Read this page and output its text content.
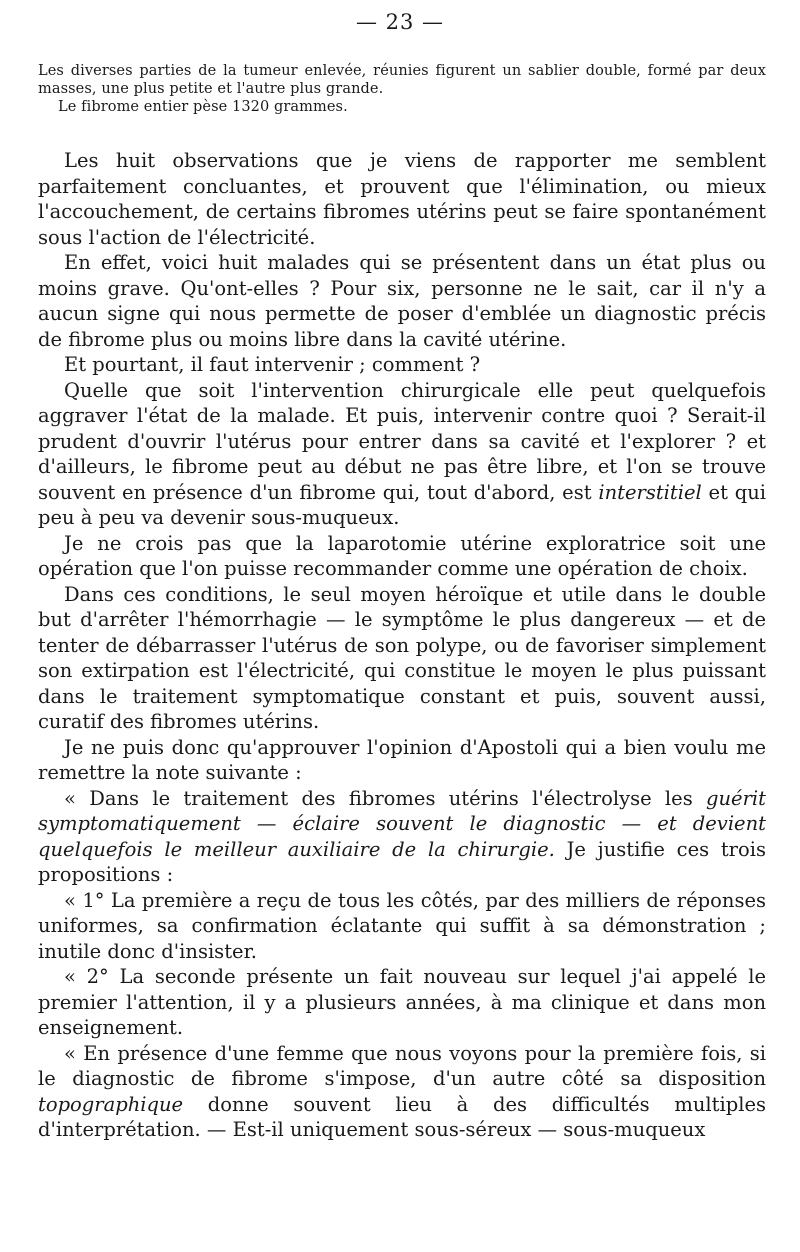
— 23 —

Les diverses parties de la tumeur enlevée, réunies figurent un sablier double, formé par deux masses, une plus petite et l'autre plus grande.

Le fibrome entier pèse 1320 grammes.

Les huit observations que je viens de rapporter me semblent parfaitement concluantes, et prouvent que l'élimination, ou mieux l'accouchement, de certains fibromes utérins peut se faire spontanément sous l'action de l'électricité.

En effet, voici huit malades qui se présentent dans un état plus ou moins grave. Qu'ont-elles ? Pour six, personne ne le sait, car il n'y a aucun signe qui nous permette de poser d'emblée un diagnostic précis de fibrome plus ou moins libre dans la cavité utérine.

Et pourtant, il faut intervenir ; comment ?

Quelle que soit l'intervention chirurgicale elle peut quelquefois aggraver l'état de la malade. Et puis, intervenir contre quoi ? Serait-il prudent d'ouvrir l'utérus pour entrer dans sa cavité et l'explorer ? et d'ailleurs, le fibrome peut au début ne pas être libre, et l'on se trouve souvent en présence d'un fibrome qui, tout d'abord, est interstitiel et qui peu à peu va devenir sous-muqueux.

Je ne crois pas que la laparotomie utérine exploratrice soit une opération que l'on puisse recommander comme une opération de choix.

Dans ces conditions, le seul moyen héroïque et utile dans le double but d'arrêter l'hémorrhagie — le symptôme le plus dangereux — et de tenter de débarrasser l'utérus de son polype, ou de favoriser simplement son extirpation est l'électricité, qui constitue le moyen le plus puissant dans le traitement symptomatique constant et puis, souvent aussi, curatif des fibromes utérins.

Je ne puis donc qu'approuver l'opinion d'Apostoli qui a bien voulu me remettre la note suivante :

« Dans le traitement des fibromes utérins l'électrolyse les guérit symptomatiquement — éclaire souvent le diagnostic — et devient quelquefois le meilleur auxiliaire de la chirurgie. Je justifie ces trois propositions :

« 1° La première a reçu de tous les côtés, par des milliers de réponses uniformes, sa confirmation éclatante qui suffit à sa démonstration ; inutile donc d'insister.

« 2° La seconde présente un fait nouveau sur lequel j'ai appelé le premier l'attention, il y a plusieurs années, à ma clinique et dans mon enseignement.

« En présence d'une femme que nous voyons pour la première fois, si le diagnostic de fibrome s'impose, d'un autre côté sa disposition topographique donne souvent lieu à des difficultés multiples d'interprétation. — Est-il uniquement sous-séreux — sous-muqueux
